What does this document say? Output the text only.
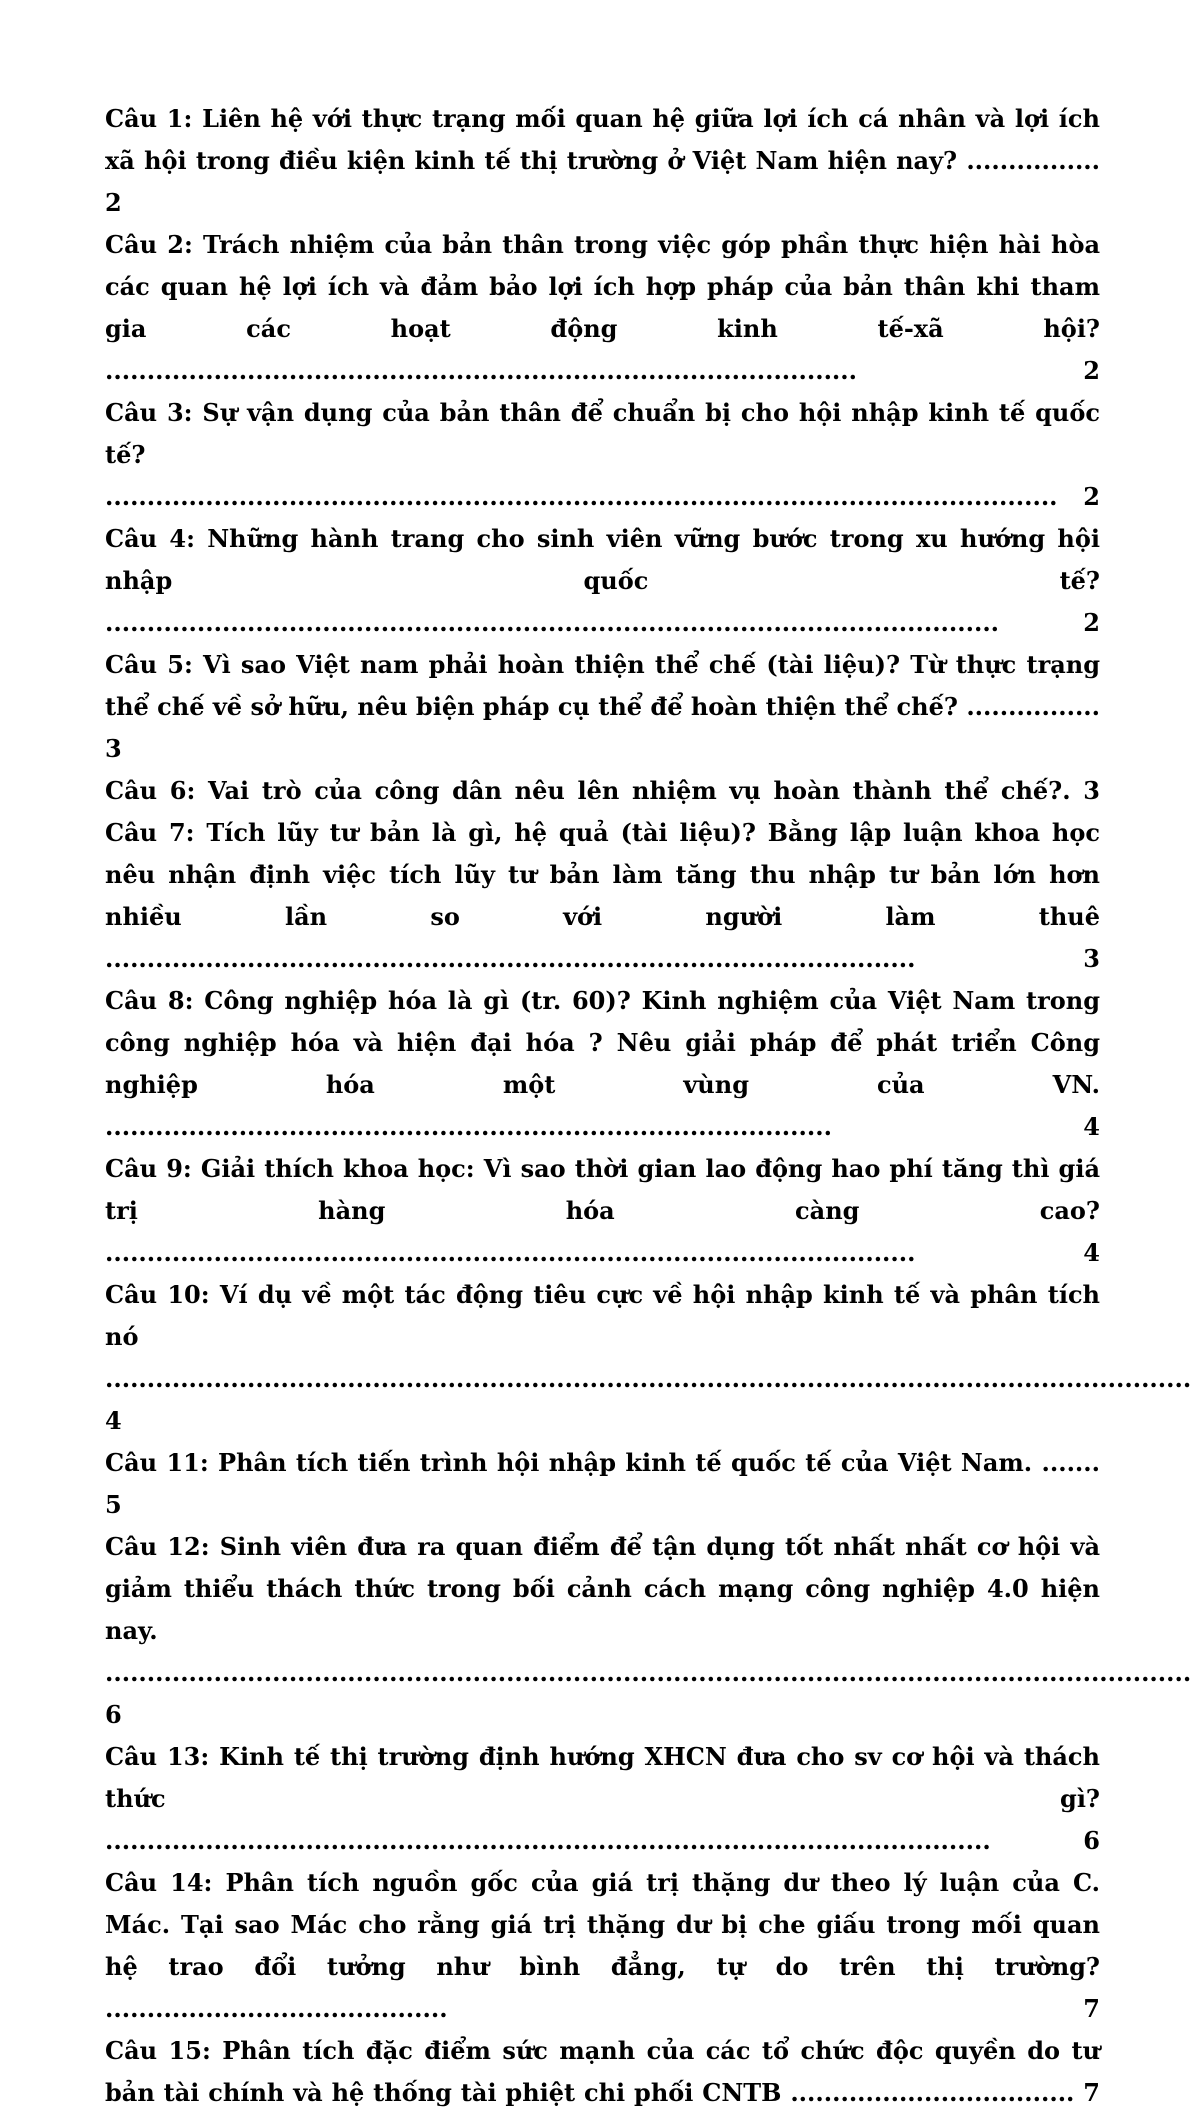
Câu 1: Liên hệ với thực trạng mối quan hệ giữa lợi ích cá nhân và lợi ích xã hội trong điều kiện kinh tế thị trường ở Việt Nam hiện nay? ................ 2

Câu 2: Trách nhiệm của bản thân trong việc góp phần thực hiện hài hòa các quan hệ lợi ích và đảm bảo lợi ích hợp pháp của bản thân khi tham gia các hoạt động kinh tế-xã hội? ..........................................................................................	2

Câu 3: Sự vận dụng của bản thân để chuẩn bị cho hội nhập kinh tế quốc tế? .................................................................................................................. 2

Câu 4: Những hành trang cho sinh viên vững bước trong xu hướng hội nhập quốc tế? ...........................................................................................................	2

Câu 5: Vì sao Việt nam phải hoàn thiện thể chế (tài liệu)? Từ thực trạng thể chế về sở hữu, nêu biện pháp cụ thể để hoàn thiện thể chế? ................ 3

Câu 6: Vai trò của công dân nêu lên nhiệm vụ hoàn thành thể chế?. 3

Câu 7: Tích lũy tư bản là gì, hệ quả (tài liệu)? Bằng lập luận khoa học nêu nhận định việc tích lũy tư bản làm tăng thu nhập tư bản lớn hơn nhiều lần so với người làm thuê .................................................................................................	3

Câu 8: Công nghiệp hóa là gì (tr. 60)? Kinh nghiệm của Việt Nam trong công nghiệp hóa và hiện đại hóa ? Nêu giải pháp để phát triển Công nghiệp hóa một vùng của VN. .......................................................................................	4

Câu 9: Giải thích khoa học: Vì sao thời gian lao động hao phí tăng thì giá trị hàng hóa càng cao? .................................................................................................	4

Câu 10: Ví dụ về một tác động tiêu cực về hội nhập kinh tế và phân tích nó .................................................................................................................................. 4

Câu 11: Phân tích tiến trình hội nhập kinh tế quốc tế của Việt Nam. ....... 5

Câu 12: Sinh viên đưa ra quan điểm để tận dụng tốt nhất nhất cơ hội và giảm thiểu thách thức trong bối cảnh cách mạng công nghiệp 4.0 hiện nay. .................................................................................................................................. 6

Câu 13: Kinh tế thị trường định hướng XHCN đưa cho sv cơ hội và thách thức gì? ..........................................................................................................	6

Câu 14: Phân tích nguồn gốc của giá trị thặng dư theo lý luận của C. Mác. Tại sao Mác cho rằng giá trị thặng dư bị che giấu trong mối quan hệ trao đổi tưởng như bình đẳng, tự do trên thị trường? .........................................	7

Câu 15: Phân tích đặc điểm sức mạnh của các tổ chức độc quyền do tư bản tài chính và hệ thống tài phiệt chi phối CNTB .................................. 7
